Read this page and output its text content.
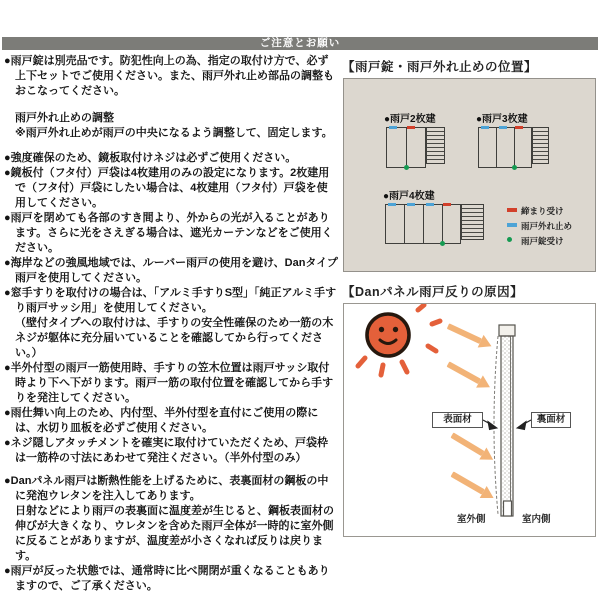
ご注意とお願い
●雨戸錠は別売品です。防犯性向上の為、指定の取付け方で、必ず上下セットでご使用ください。また、雨戸外れ止め部品の調整もおこなってください。
雨戸外れ止めの調整
※雨戸外れ止めが雨戸の中央になるよう調整して、固定します。
●強度確保のため、鏡板取付けネジは必ずご使用ください。
●鏡板付（フタ付）戸袋は4枚建用のみの設定になります。2枚建用で（フタ付）戸袋にしたい場合は、4枚建用（フタ付）戸袋を使用してください。
●雨戸を閉めても各部のすき間より、外からの光が入ることがあります。さらに光をさえぎる場合は、遮光カーテンなどをご使用ください。
●海岸などの強風地域では、ルーバー雨戸の使用を避け、Danタイプ雨戸を使用してください。
●窓手すりを取付けの場合は、「アルミ手すりS型」「純正アルミ手すり雨戸サッシ用」を使用してください。
（壁付タイプへの取付けは、手すりの安全性確保のため一筋の木ネジが躯体に充分届いていることを確認してから行ってください。）
●半外付型の雨戸一筋使用時、手すりの笠木位置は雨戸サッシ取付時より下へ下がります。雨戸一筋の取付位置を確認してから手すりを発注してください。
●雨仕舞い向上のため、内付型、半外付型を直付にご使用の際には、水切り皿板を必ずご使用ください。
●ネジ隠しアタッチメントを確実に取付けていただくため、戸袋枠は一筋枠の寸法にあわせて発注ください。（半外付型のみ）
●Danパネル雨戸は断熱性能を上げるために、表裏面材の鋼板の中に発泡ウレタンを注入してあります。
日射などにより雨戸の表裏面に温度差が生じると、鋼板表面材の伸びが大きくなり、ウレタンを含めた雨戸全体が一時的に室外側に反ることがありますが、温度差が小さくなれば反りは戻ります。
●雨戸が反った状態では、通常時に比べ開閉が重くなることもありますので、ご了承ください。
【雨戸錠・雨戸外れ止めの位置】
●雨戸2枚建	●雨戸3枚建
●雨戸4枚建
締まり受け
雨戸外れ止め
雨戸錠受け
【Danパネル雨戸反りの原因】
表面材	裏面材
室外側	室内側
